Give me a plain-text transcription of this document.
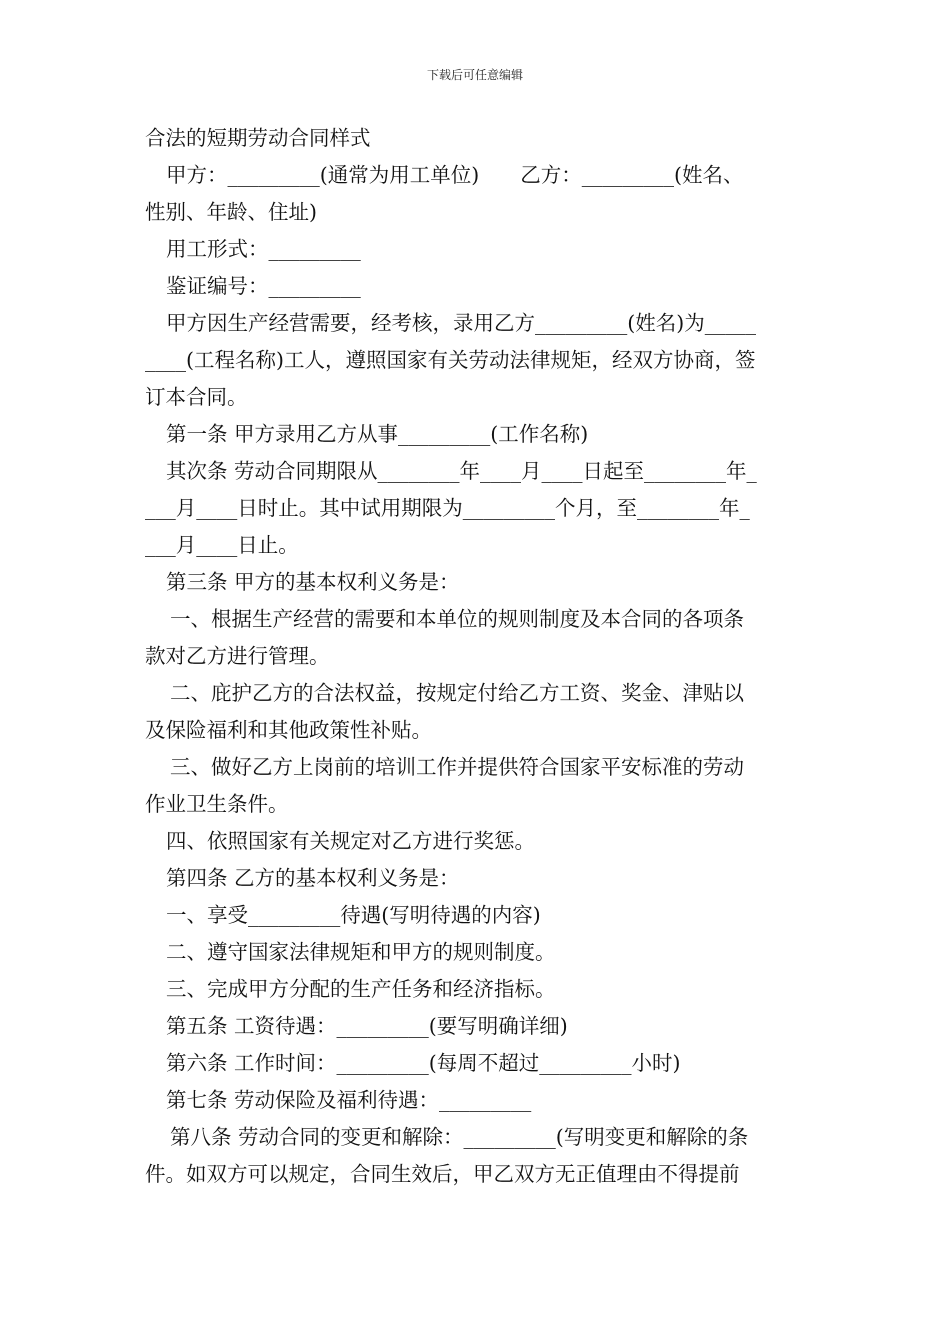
下载后可任意编辑
合法的短期劳动合同样式
甲方：_________(通常为用工单位)　　乙方：_________(姓名、
性别、年龄、住址)
用工形式：_________
鉴证编号：_________
甲方因生产经营需要，经考核，录用乙方_________(姓名)为_____
____(工程名称)工人，遵照国家有关劳动法律规矩，经双方协商，签
订本合同。
第一条 甲方录用乙方从事_________(工作名称)
其次条 劳动合同期限从________年____月____日起至________年_
___月____日时止。其中试用期限为_________个月，至________年_
___月____日止。
第三条 甲方的基本权利义务是：
一、根据生产经营的需要和本单位的规则制度及本合同的各项条
款对乙方进行管理。
二、庇护乙方的合法权益，按规定付给乙方工资、奖金、津贴以
及保险福利和其他政策性补贴。
三、做好乙方上岗前的培训工作并提供符合国家平安标准的劳动
作业卫生条件。
四、依照国家有关规定对乙方进行奖惩。
第四条 乙方的基本权利义务是：
一、享受_________待遇(写明待遇的内容)
二、遵守国家法律规矩和甲方的规则制度。
三、完成甲方分配的生产任务和经济指标。
第五条 工资待遇：_________(要写明确详细)
第六条 工作时间：_________(每周不超过_________小时)
第七条 劳动保险及福利待遇：_________
第八条 劳动合同的变更和解除：_________(写明变更和解除的条
件。如双方可以规定，合同生效后，甲乙双方无正值理由不得提前
